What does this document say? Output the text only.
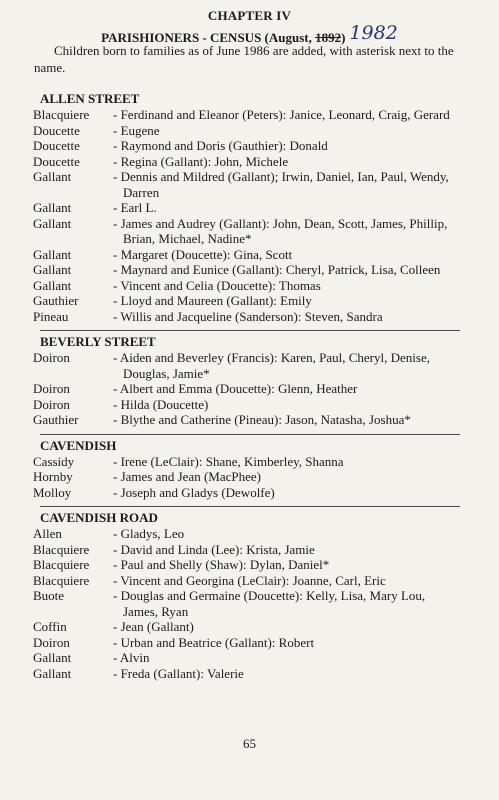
CHAPTER IV
PARISHIONERS - CENSUS (August, 1892) 1982
Children born to families as of June 1986 are added, with asterisk next to the name.
ALLEN STREET
Blacquiere	- Ferdinand and Eleanor (Peters): Janice, Leonard, Craig, Gerard
Doucette	- Eugene
Doucette	- Raymond and Doris (Gauthier): Donald
Doucette	- Regina (Gallant): John, Michele
Gallant	- Dennis and Mildred (Gallant); Irwin, Daniel, Ian, Paul, Wendy, Darren
Gallant	- Earl L.
Gallant	- James and Audrey (Gallant): John, Dean, Scott, James, Phillip, Brian, Michael, Nadine*
Gallant	- Margaret (Doucette): Gina, Scott
Gallant	- Maynard and Eunice (Gallant): Cheryl, Patrick, Lisa, Colleen
Gallant	- Vincent and Celia (Doucette): Thomas
Gauthier	- Lloyd and Maureen (Gallant): Emily
Pineau	- Willis and Jacqueline (Sanderson): Steven, Sandra
BEVERLY STREET
Doiron	- Aiden and Beverley (Francis): Karen, Paul, Cheryl, Denise, Douglas, Jamie*
Doiron	- Albert and Emma (Doucette): Glenn, Heather
Doiron	- Hilda (Doucette)
Gauthier	- Blythe and Catherine (Pineau): Jason, Natasha, Joshua*
CAVENDISH
Cassidy	- Irene (LeClair): Shane, Kimberley, Shanna
Hornby	- James and Jean (MacPhee)
Molloy	- Joseph and Gladys (Dewolfe)
CAVENDISH ROAD
Allen	- Gladys, Leo
Blacquiere	- David and Linda (Lee): Krista, Jamie
Blacquiere	- Paul and Shelly (Shaw): Dylan, Daniel*
Blacquiere	- Vincent and Georgina (LeClair): Joanne, Carl, Eric
Buote	- Douglas and Germaine (Doucette): Kelly, Lisa, Mary Lou, James, Ryan
Coffin	- Jean (Gallant)
Doiron	- Urban and Beatrice (Gallant): Robert
Gallant	- Alvin
Gallant	- Freda (Gallant): Valerie
65
